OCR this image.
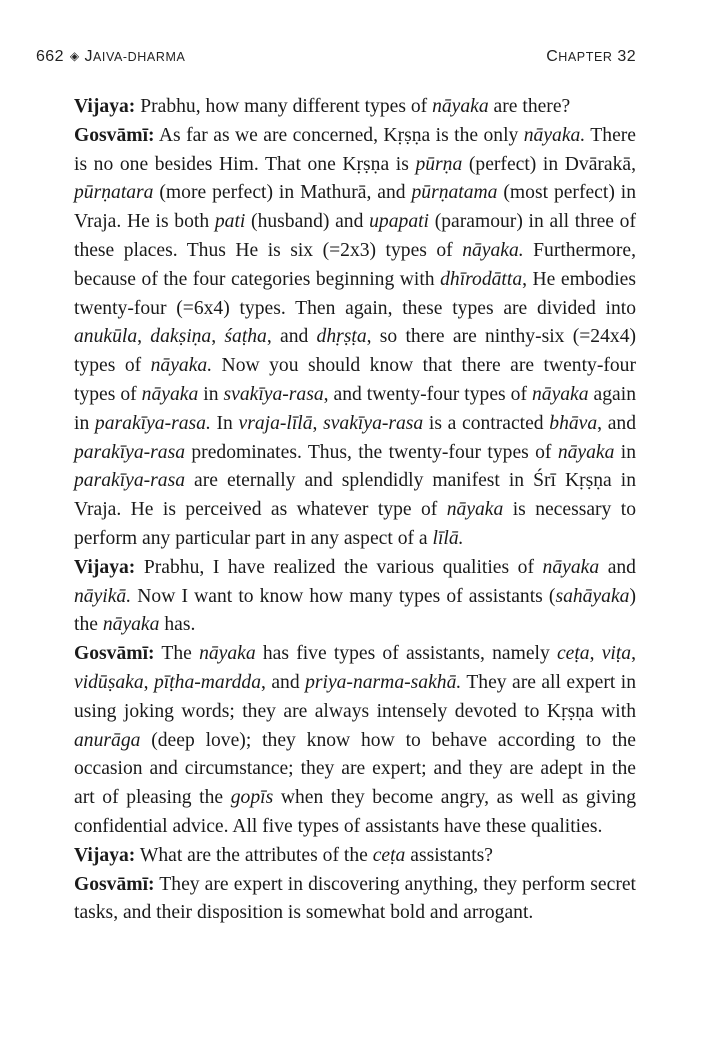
662 ◈ JAIVA-DHARMA	CHAPTER 32

Vijaya: Prabhu, how many different types of nāyaka are there?

Gosvāmī: As far as we are concerned, Kṛṣṇa is the only nāyaka. There is no one besides Him. That one Kṛṣṇa is pūrṇa (perfect) in Dvārakā, pūrṇatara (more perfect) in Mathurā, and pūrṇatama (most perfect) in Vraja. He is both pati (husband) and upapati (paramour) in all three of these places. Thus He is six (=2x3) types of nāyaka. Furthermore, because of the four categories beginning with dhīrodātta, He embodies twenty-four (=6x4) types. Then again, these types are divided into anukūla, dakṣiṇa, śaṭha, and dhṛṣṭa, so there are ninthy-six (=24x4) types of nāyaka. Now you should know that there are twenty-four types of nāyaka in svakīya-rasa, and twenty-four types of nāyaka again in parakīya-rasa. In vraja-līlā, svakīya-rasa is a contracted bhāva, and parakīya-rasa predominates. Thus, the twenty-four types of nāyaka in parakīya-rasa are eternally and splendidly manifest in Śrī Kṛṣṇa in Vraja. He is perceived as whatever type of nāyaka is necessary to perform any particular part in any aspect of a līlā.

Vijaya: Prabhu, I have realized the various qualities of nāyaka and nāyikā. Now I want to know how many types of assistants (sahāyaka) the nāyaka has.

Gosvāmī: The nāyaka has five types of assistants, namely ceṭa, viṭa, vidūṣaka, pīṭha-mardda, and priya-narma-sakhā. They are all expert in using joking words; they are always intensely devoted to Kṛṣṇa with anurāga (deep love); they know how to behave according to the occasion and circumstance; they are expert; and they are adept in the art of pleasing the gopīs when they become angry, as well as giving confidential advice. All five types of assistants have these qualities.

Vijaya: What are the attributes of the ceṭa assistants?

Gosvāmī: They are expert in discovering anything, they perform secret tasks, and their disposition is somewhat bold and arrogant.
